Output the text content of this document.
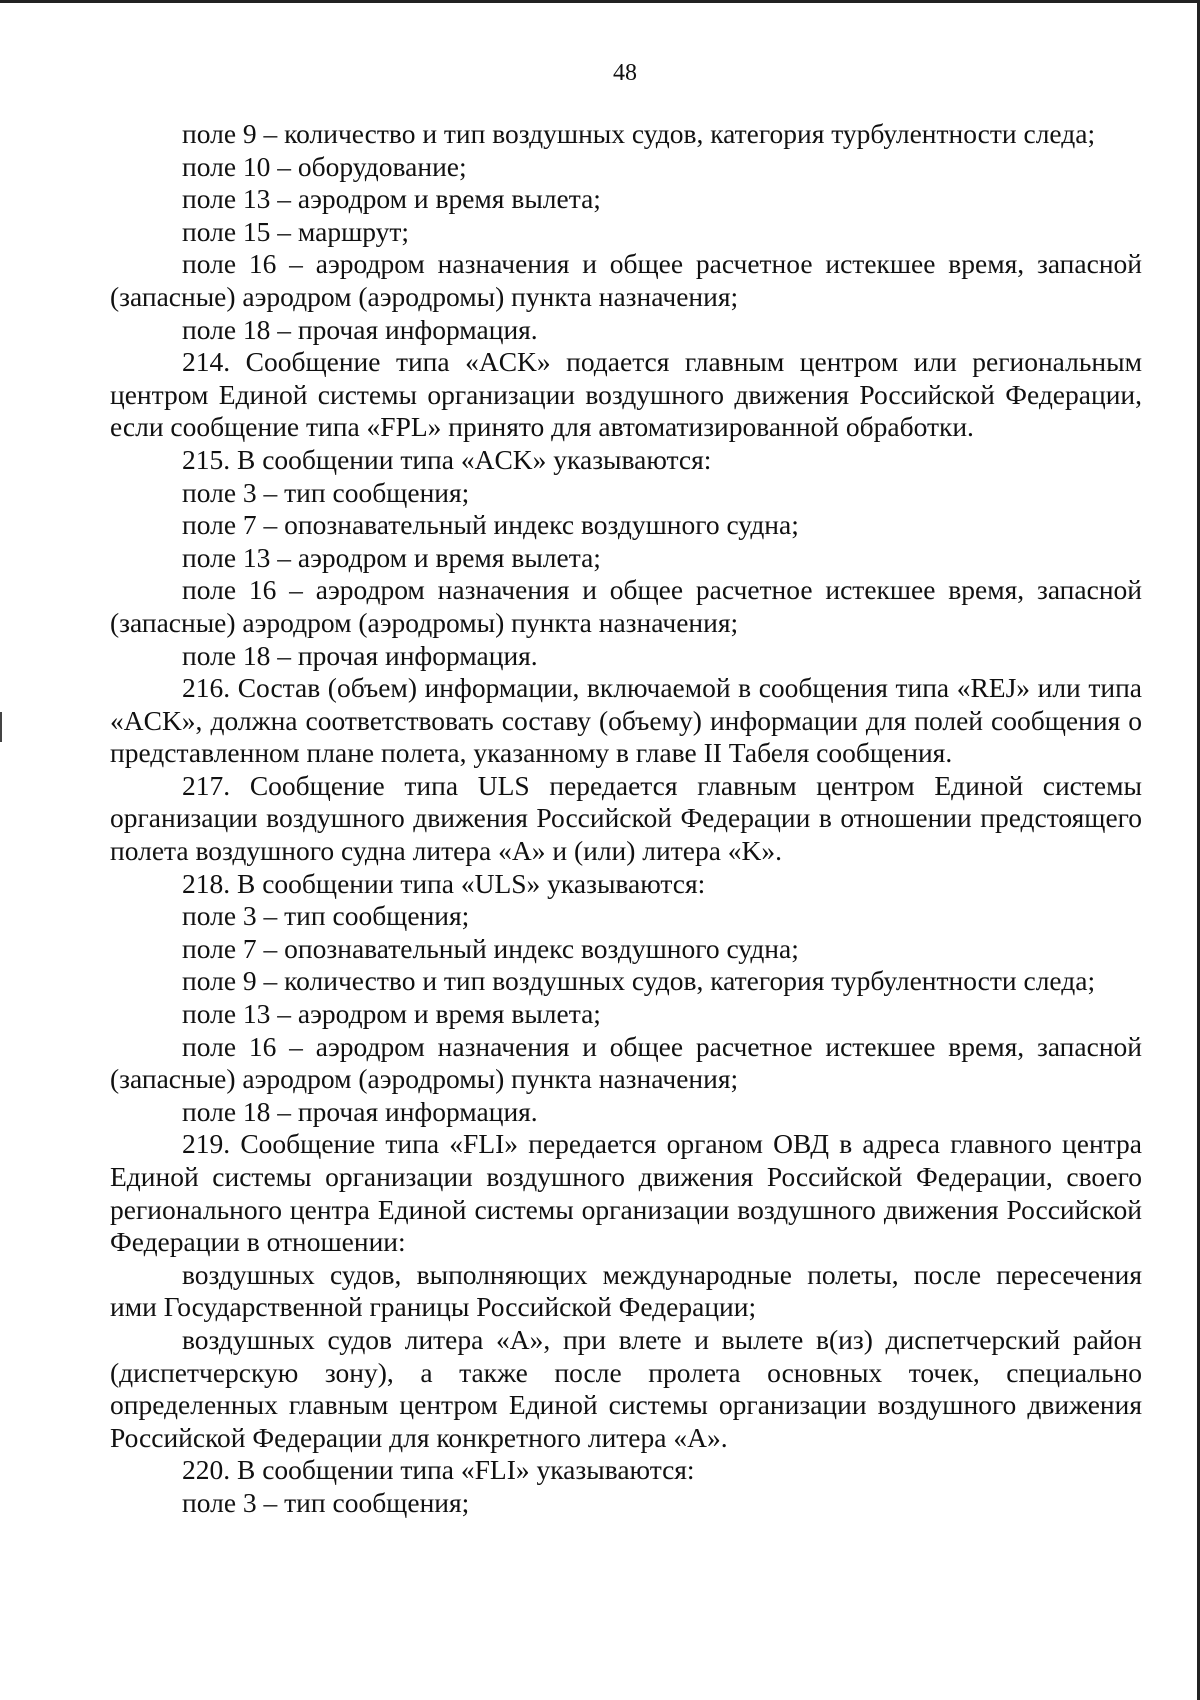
48

поле 9 – количество и тип воздушных судов, категория турбулентности следа;

поле 10 – оборудование;

поле 13 – аэродром и время вылета;

поле 15 – маршрут;

поле 16 – аэродром назначения и общее расчетное истекшее время, запасной (запасные) аэродром (аэродромы) пункта назначения;

поле 18 – прочая информация.

214. Сообщение типа «ACK» подается главным центром или региональным центром Единой системы организации воздушного движения Российской Федерации, если сообщение типа «FPL» принято для автоматизированной обработки.

215. В сообщении типа «ACK» указываются:

поле 3 – тип сообщения;

поле 7 – опознавательный индекс воздушного судна;

поле 13 – аэродром и время вылета;

поле 16 – аэродром назначения и общее расчетное истекшее время, запасной (запасные) аэродром (аэродромы) пункта назначения;

поле 18 – прочая информация.

216. Состав (объем) информации, включаемой в сообщения типа «REJ» или типа «ACK», должна соответствовать составу (объему) информации для полей сообщения о представленном плане полета, указанному в главе II Табеля сообщения.

217. Сообщение типа ULS передается главным центром Единой системы организации воздушного движения Российской Федерации в отношении предстоящего полета воздушного судна литера «А» и (или) литера «K».

218. В сообщении типа «ULS» указываются:

поле 3 – тип сообщения;

поле 7 – опознавательный индекс воздушного судна;

поле 9 – количество и тип воздушных судов, категория турбулентности следа;

поле 13 – аэродром и время вылета;

поле 16 – аэродром назначения и общее расчетное истекшее время, запасной (запасные) аэродром (аэродромы) пункта назначения;

поле 18 – прочая информация.

219. Сообщение типа «FLI» передается органом ОВД в адреса главного центра Единой системы организации воздушного движения Российской Федерации, своего регионального центра Единой системы организации воздушного движения Российской Федерации в отношении:

воздушных судов, выполняющих международные полеты, после пересечения ими Государственной границы Российской Федерации;

воздушных судов литера «А», при влете и вылете в(из) диспетчерский район (диспетчерскую зону), а также после пролета основных точек, специально определенных главным центром Единой системы организации воздушного движения Российской Федерации для конкретного литера «А».

220. В сообщении типа «FLI» указываются:

поле 3 – тип сообщения;
